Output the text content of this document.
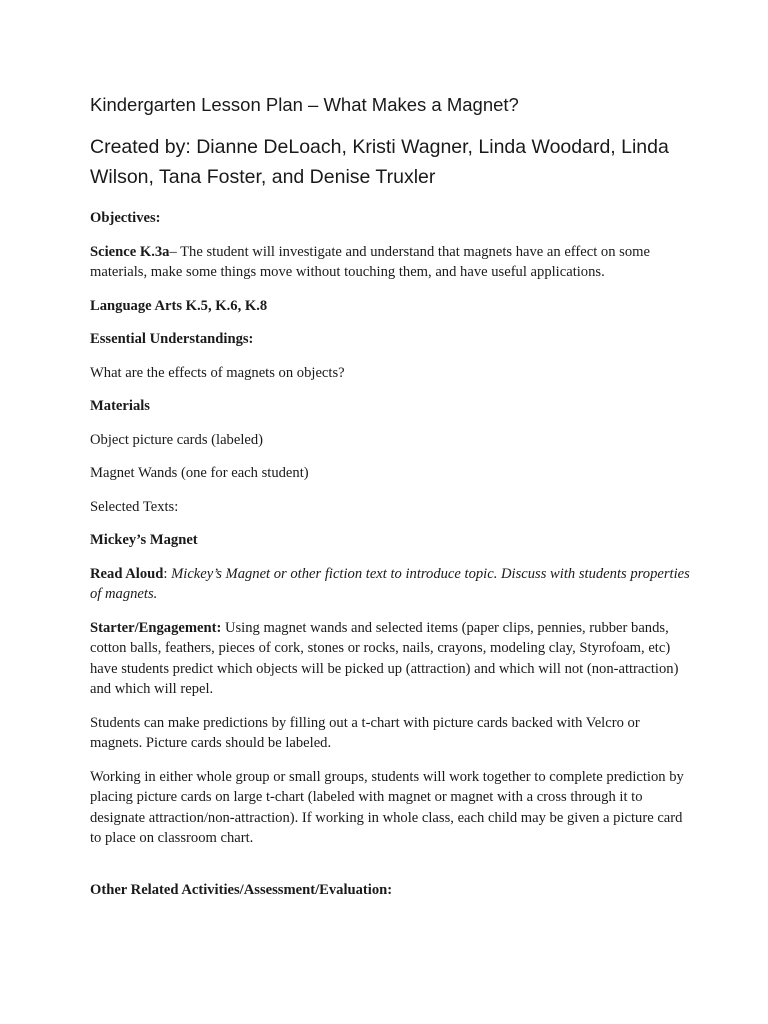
Kindergarten Lesson Plan – What Makes a Magnet?
Created by: Dianne DeLoach, Kristi Wagner, Linda Woodard, Linda Wilson, Tana Foster, and Denise Truxler
Objectives:
Science K.3a– The student will investigate and understand that magnets have an effect on some materials, make some things move without touching them, and have useful applications.
Language Arts K.5, K.6, K.8
Essential Understandings:
What are the effects of magnets on objects?
Materials
Object picture cards (labeled)
Magnet Wands (one for each student)
Selected Texts:
Mickey’s Magnet
Read Aloud: Mickey’s Magnet or other fiction text to introduce topic. Discuss with students properties of magnets.
Starter/Engagement: Using magnet wands and selected items (paper clips, pennies, rubber bands, cotton balls, feathers, pieces of cork, stones or rocks, nails, crayons, modeling clay, Styrofoam, etc) have students predict which objects will be picked up (attraction) and which will not (non-attraction) and which will repel.
Students can make predictions by filling out a t-chart with picture cards backed with Velcro or magnets. Picture cards should be labeled.
Working in either whole group or small groups, students will work together to complete prediction by placing picture cards on large t-chart (labeled with magnet or magnet with a cross through it to designate attraction/non-attraction). If working in whole class, each child may be given a picture card to place on classroom chart.
Other Related Activities/Assessment/Evaluation:
